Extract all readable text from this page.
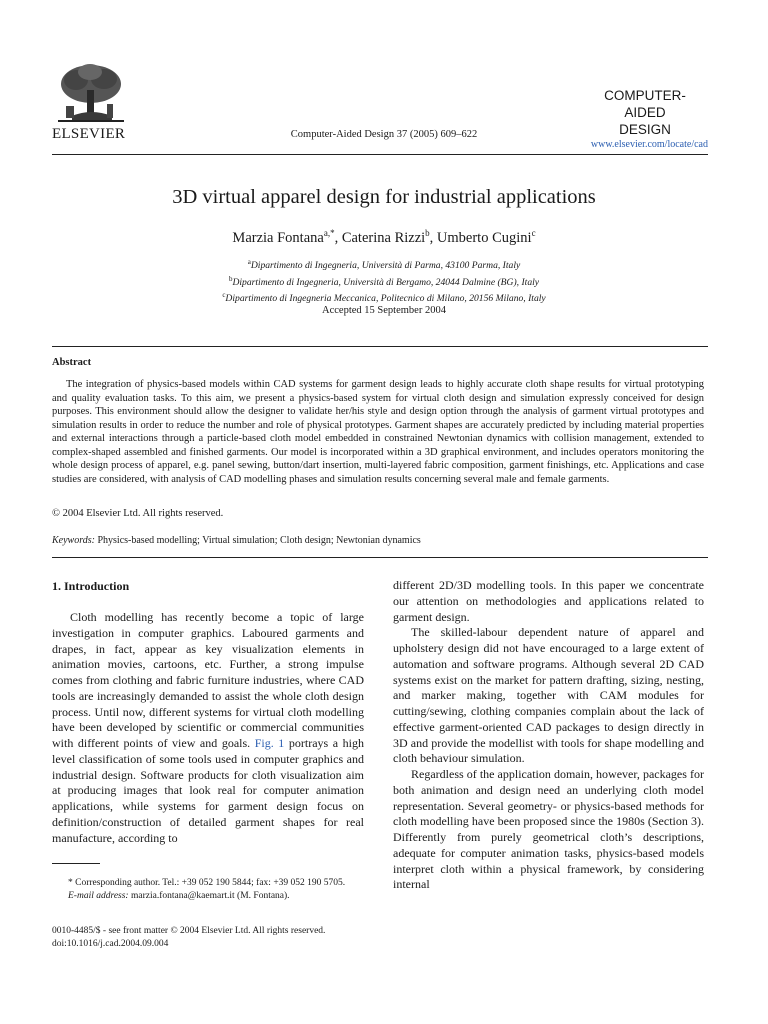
ELSEVIER	Computer-Aided Design 37 (2005) 609–622
COMPUTER-AIDED
DESIGN
www.elsevier.com/locate/cad
3D virtual apparel design for industrial applications
Marzia Fontana$^{a,*}$, Caterina Rizzi$^b$, Umberto Cugini$^c$
$^a$Dipartimento di Ingegneria, Università di Parma, 43100 Parma, Italy
$^b$Dipartimento di Ingegneria, Università di Bergamo, 24044 Dalmine (BG), Italy
$^c$Dipartimento di Ingegneria Meccanica, Politecnico di Milano, 20156 Milano, Italy
Accepted 15 September 2004
Abstract

The integration of physics-based models within CAD systems for garment design leads to highly accurate cloth shape results for virtual prototyping and quality evaluation tasks. To this aim, we present a physics-based system for virtual cloth design and simulation expressly conceived for design purposes. This environment should allow the designer to validate her/his style and design option through the analysis of garment virtual prototypes and simulation results in order to reduce the number and role of physical prototypes. Garment shapes are accurately predicted by including material properties and external interactions through a particle-based cloth model embedded in constrained Newtonian dynamics with collision management, extended to complex-shaped assembled and finished garments. Our model is incorporated within a 3D graphical environment, and includes operators monitoring the whole design process of apparel, e.g. panel sewing, button/dart insertion, multi-layered fabric composition, garment finishings, etc. Applications and case studies are considered, with analysis of CAD modelling phases and simulation results concerning several male and female garments.

© 2004 Elsevier Ltd. All rights reserved.
Keywords: Physics-based modelling; Virtual simulation; Cloth design; Newtonian dynamics
1. Introduction

Cloth modelling has recently become a topic of large investigation in computer graphics. Laboured garments and drapes, in fact, appear as key visualization elements in animation movies, cartoons, etc. Further, a strong impulse comes from clothing and fabric furniture industries, where CAD tools are increasingly demanded to assist the whole cloth design process. Until now, different systems for virtual cloth modelling have been developed by scientific or commercial communities with different points of view and goals. Fig. 1 portrays a high level classification of some tools used in computer graphics and industrial design. Software products for cloth visualization aim at producing images that look real for computer animation applications, while systems for garment design focus on definition/construction of detailed garment shapes for real manufacture, according to

different 2D/3D modelling tools. In this paper we concentrate our attention on methodologies and applications related to garment design.

The skilled-labour dependent nature of apparel and upholstery design did not have encouraged to a large extent of automation and software programs. Although several 2D CAD systems exist on the market for pattern drafting, sizing, nesting, and marker making, together with CAM modules for cutting/sewing, clothing companies complain about the lack of effective garment-oriented CAD packages to design directly in 3D and provide the modellist with tools for shape modelling and cloth behaviour simulation.

Regardless of the application domain, however, packages for both animation and design need an underlying cloth model representation. Several geometry- or physics-based methods for cloth modelling have been proposed since the 1980s (Section 3). Differently from purely geometrical cloth’s descriptions, adequate for computer animation tasks, physics-based models interpret cloth within a physical framework, by considering internal

* Corresponding author. Tel.: +39 052 190 5844; fax: +39 052 190 5705.
E-mail address: marzia.fontana@kaemart.it (M. Fontana).
0010-4485/$ - see front matter © 2004 Elsevier Ltd. All rights reserved.
doi:10.1016/j.cad.2004.09.004
